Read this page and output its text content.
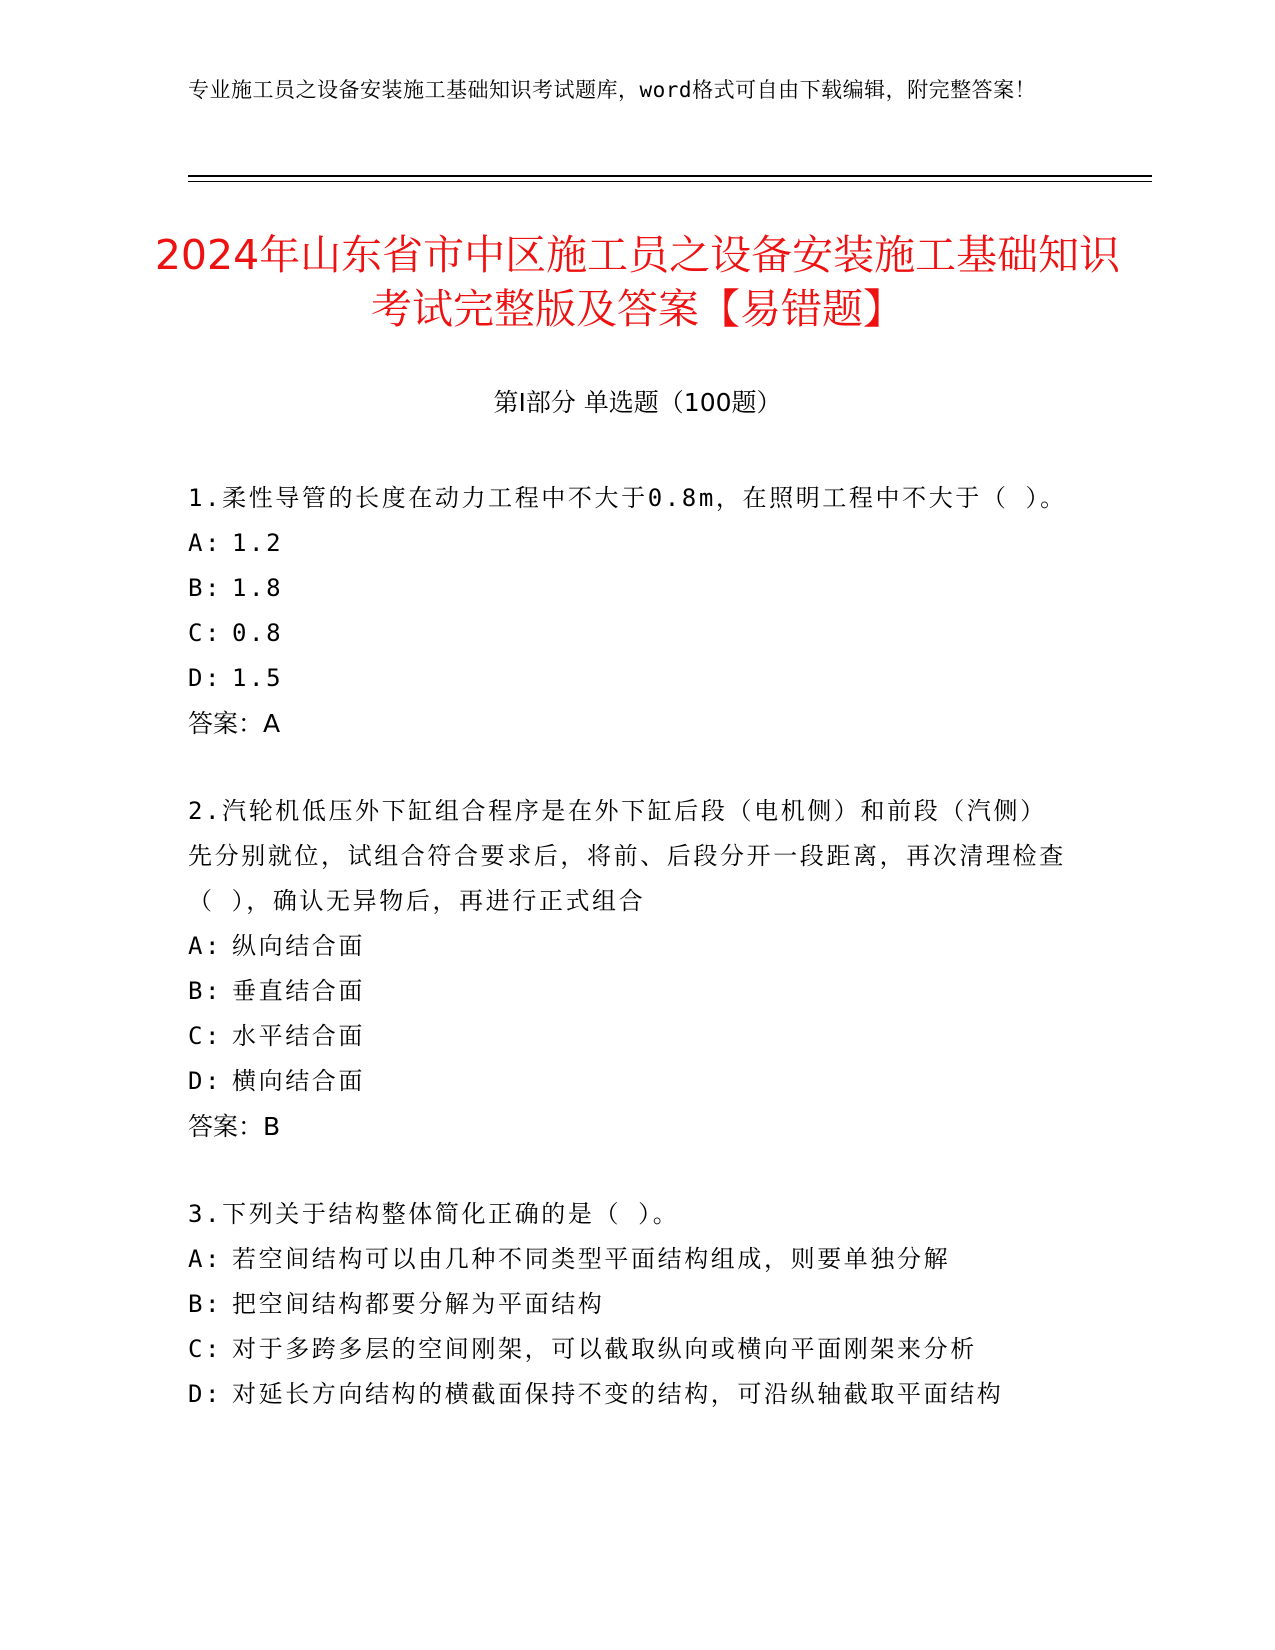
专业施工员之设备安装施工基础知识考试题库，word格式可自由下载编辑，附完整答案！
2024年山东省市中区施工员之设备安装施工基础知识考试完整版及答案【易错题】
第Ⅰ部分 单选题（100题）
1.柔性导管的长度在动力工程中不大于0.8m，在照明工程中不大于（ ）。
A: 1.2
B: 1.8
C: 0.8
D: 1.5
答案：A
2.汽轮机低压外下缸组合程序是在外下缸后段（电机侧）和前段（汽侧）先分别就位，试组合符合要求后，将前、后段分开一段距离，再次清理检查（ ），确认无异物后，再进行正式组合
A: 纵向结合面
B: 垂直结合面
C: 水平结合面
D: 横向结合面
答案：B
3.下列关于结构整体简化正确的是（ ）。
A: 若空间结构可以由几种不同类型平面结构组成，则要单独分解
B: 把空间结构都要分解为平面结构
C: 对于多跨多层的空间刚架，可以截取纵向或横向平面刚架来分析
D: 对延长方向结构的横截面保持不变的结构，可沿纵轴截取平面结构
